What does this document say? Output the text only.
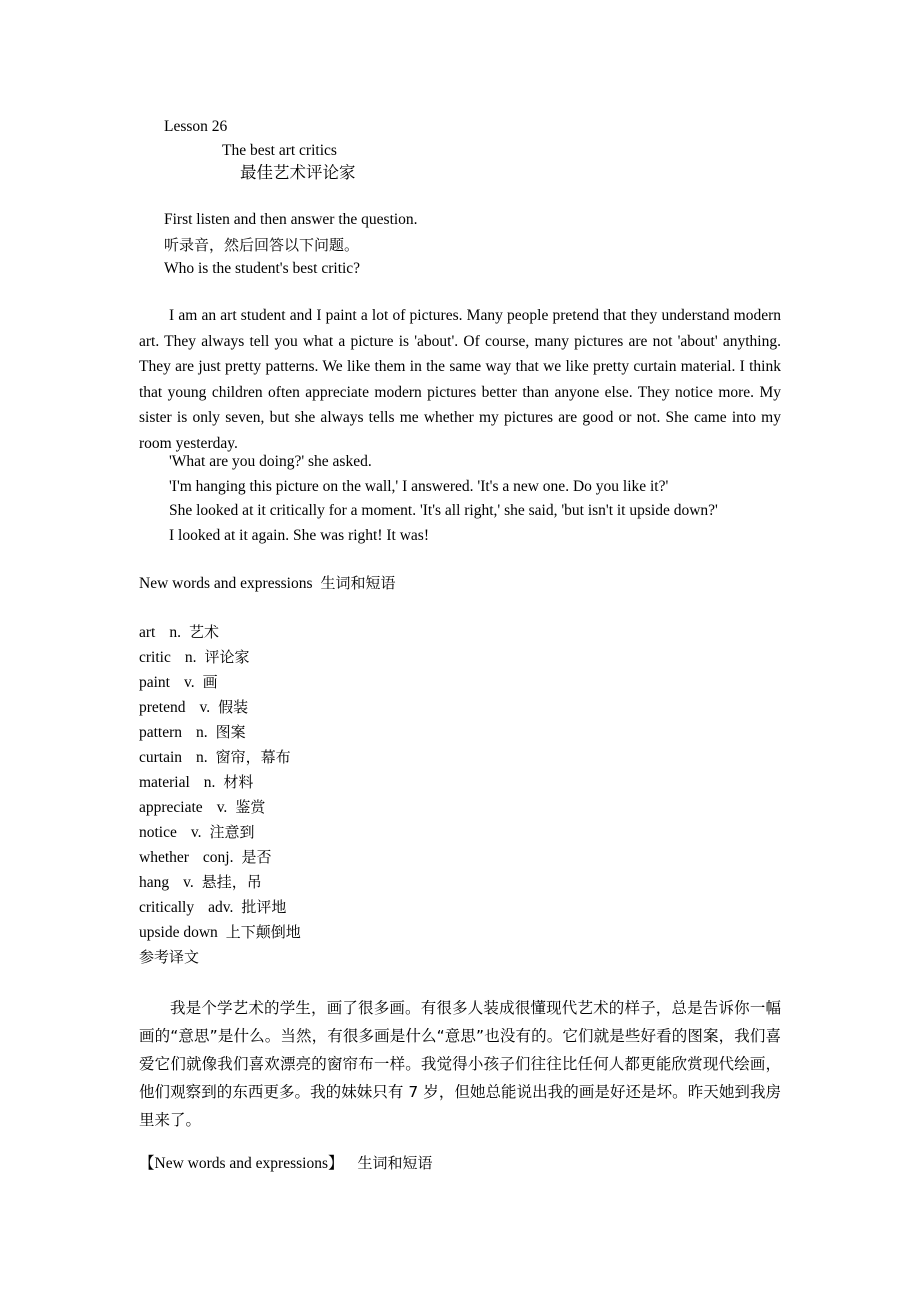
Lesson 26
The best art critics
最佳艺术评论家
First listen and then answer the question.
听录音，然后回答以下问题。
Who is the student's best critic?
I am an art student and I paint a lot of pictures. Many people pretend that they understand modern art. They always tell you what a picture is 'about'. Of course, many pictures are not 'about' anything. They are just pretty patterns. We like them in the same way that we like pretty curtain material. I think that young children often appreciate modern pictures better than anyone else. They notice more. My sister is only seven, but she always tells me whether my pictures are good or not. She came into my room yesterday.

'What are you doing?' she asked.

'I'm hanging this picture on the wall,' I answered. 'It's a new one. Do you like it?'

She looked at it critically for a moment. 'It's all right,' she said, 'but isn't it upside down?'

I looked at it again. She was right! It was!

New words and expressions 生词和短语
art n. 艺术
critic n. 评论家
paint v. 画
pretend v. 假装
pattern n. 图案
curtain n. 窗帘，幕布
material n. 材料
appreciate v. 鉴赏
notice v. 注意到
whether conj. 是否
hang v. 悬挂，吊
critically adv. 批评地
upside down 上下颠倒地
参考译文
我是个学艺术的学生，画了很多画。有很多人装成很懂现代艺术的样子，总是告诉你一幅画的“意思”是什么。当然，有很多画是什么“意思”也没有的。它们就是些好看的图案，我们喜爱它们就像我们喜欢漂亮的窗帘布一样。我觉得小孩子们往往比任何人都更能欣赏现代绘画，他们观察到的东西更多。我的妹妹只有 7 岁，但她总能说出我的画是好还是坏。昨天她到我房里来了。
【New words and expressions】 生词和短语
